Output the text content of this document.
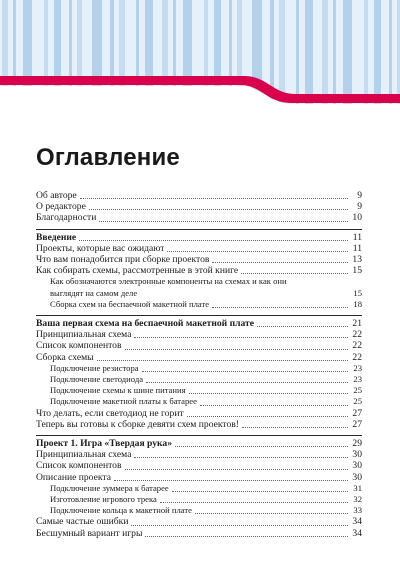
Оглавление
Об авторе	9
О редакторе	9
Благодарности	10
Введение	11
Проекты, которые вас ожидают	11
Что вам понадобится при сборке проектов	13
Как собирать схемы, рассмотренные в этой книге	15
Как обозначаются электронные компоненты на схемах и как они выглядят на самом деле	15
Сборка схем на беспаечной макетной плате	18
Ваша первая схема на беспаечной макетной плате	21
Принципиальная схема	22
Список компонентов	22
Сборка схемы	22
Подключение резистора	23
Подключение светодиода	23
Подключение схемы к шине питания	25
Подключение макетной платы к батарее	25
Что делать, если светодиод не горит	27
Теперь вы готовы к сборке девяти схем проектов!	27
Проект 1. Игра «Твердая рука»	29
Принципиальная схема	30
Список компонентов	30
Описание проекта	30
Подключение зуммера к батарее	31
Изготовление игрового трека	32
Подключение кольца к макетной плате	33
Самые частые ошибки	34
Бесшумный вариант игры	34
